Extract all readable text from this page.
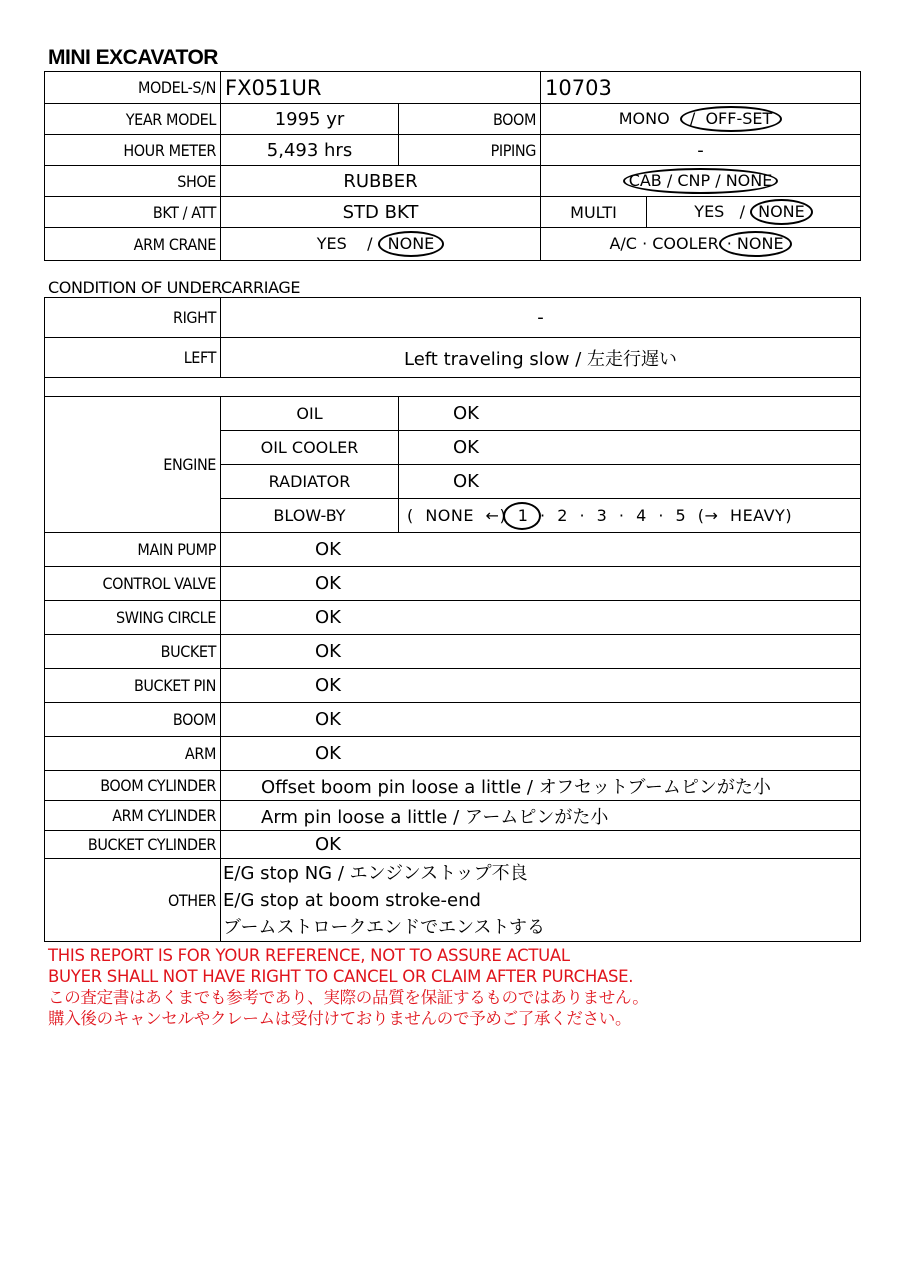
MINI EXCAVATOR
MODEL-S/N	FX051UR		10703	
YEAR MODEL	1995 yr	BOOM	MONO / OFF-SET	
HOUR METER	5,493 hrs	PIPING	-	
SHOE	RUBBER		CAB / CNP / NONE	
BKT / ATT	STD BKT		MULTI	YES / NONE
ARM CRANE	YES / NONE		A/C · COOLER · NONE	
CONDITION OF UNDERCARRIAGE
RIGHT	-	
LEFT	Left traveling slow / 左走行遅い	

ENGINE	OIL	OK
	OIL COOLER	OK
	RADIATOR	OK
	BLOW-BY	( NONE ←) 1 · 2 · 3 · 4 · 5 (→ HEAVY)

MAIN PUMP	OK	
CONTROL VALVE	OK	
SWING CIRCLE	OK	
BUCKET	OK	
BUCKET PIN	OK	
BOOM	OK	
ARM	OK	
BOOM CYLINDER	Offset boom pin loose a little / オフセットブームピンがた小	
ARM CYLINDER	Arm pin loose a little / アームピンがた小	
BUCKET CYLINDER	OK	
OTHER	E/G stop NG / エンジンストップ不良
E/G stop at boom stroke-end
ブームストロークエンドでエンストする	
THIS REPORT IS FOR YOUR REFERENCE, NOT TO ASSURE ACTUAL
BUYER SHALL NOT HAVE RIGHT TO CANCEL OR CLAIM AFTER PURCHASE.
この査定書はあくまでも参考であり、実際の品質を保証するものではありません。
購入後のキャンセルやクレームは受付けておりませんので予めご了承ください。
